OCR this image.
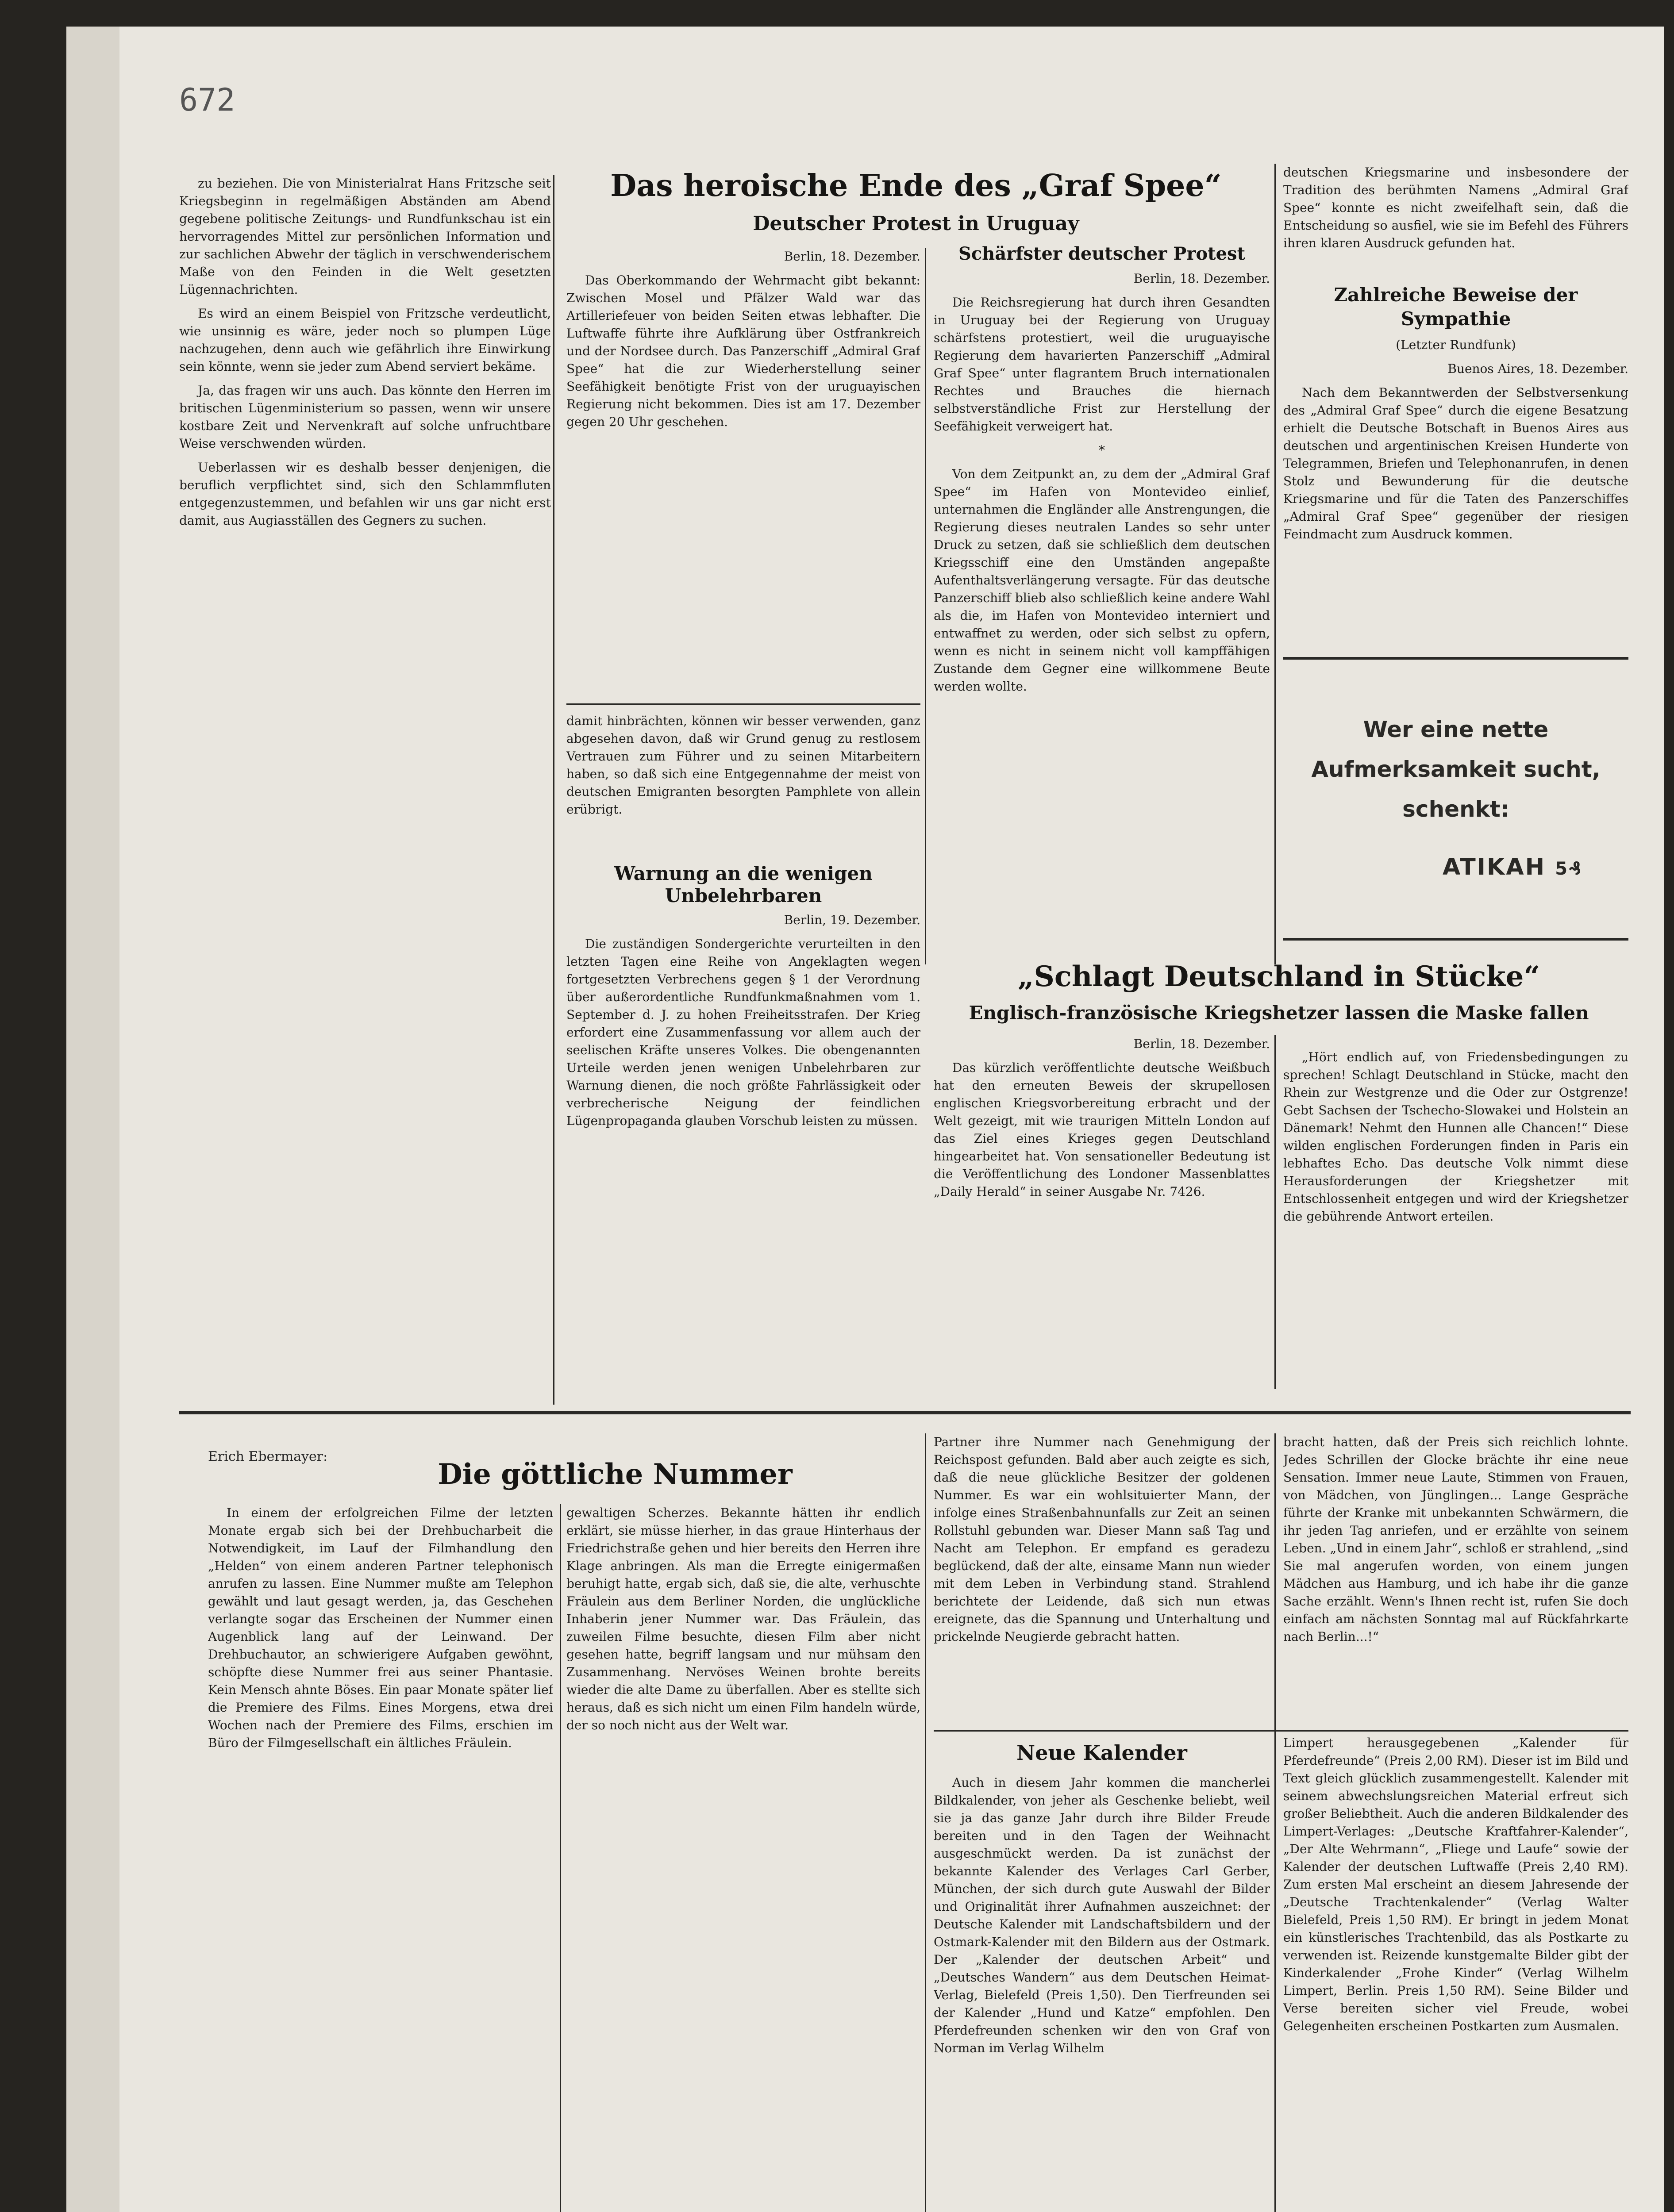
672

zu beziehen. Die von Ministerialrat Hans Fritzsche seit Kriegsbeginn in regelmäßigen Abständen am Abend gegebene politische Zeitungs- und Rundfunkschau ist ein hervorragendes Mittel zur persönlichen Information und zur sachlichen Abwehr der täglich in verschwenderischem Maße von den Feinden in die Welt gesetzten Lügennachrichten.

Es wird an einem Beispiel von Fritzsche verdeutlicht, wie unsinnig es wäre, jeder noch so plumpen Lüge nachzugehen, denn auch wie gefährlich ihre Einwirkung sein könnte, wenn sie jeder zum Abend serviert bekäme.

Ja, das fragen wir uns auch. Das könnte den Herren im britischen Lügenministerium so passen, wenn wir unsere kostbare Zeit und Nervenkraft auf solche unfruchtbare Weise verschwenden würden.

Ueberlassen wir es deshalb besser denjenigen, die beruflich verpflichtet sind, sich den Schlammfluten entgegenzustemmen, und befahlen wir uns gar nicht erst damit, aus Augiasställen des Gegners zu suchen.

Das heroische Ende des „Graf Spee“
Deutscher Protest in Uruguay

Berlin, 18. Dezember.

Das Oberkommando der Wehrmacht gibt bekannt: Zwischen Mosel und Pfälzer Wald war das Artilleriefeuer von beiden Seiten etwas lebhafter. Die Luftwaffe führte ihre Aufklärung über Ostfrankreich und der Nordsee durch. Das Panzerschiff „Admiral Graf Spee“ hat die zur Wiederherstellung seiner Seefähigkeit benötigte Frist von der uruguayischen Regierung nicht bekommen. Dies ist am 17. Dezember gegen 20 Uhr geschehen.

damit hinbrächten, können wir besser verwenden, ganz abgesehen davon, daß wir Grund genug zu restlosem Vertrauen zum Führer und zu seinen Mitarbeitern haben, so daß sich eine Entgegennahme der meist von deutschen Emigranten besorgten Pamphlete von allein erübrigt.

Warnung an die wenigen Unbelehrbaren

Berlin, 19. Dezember.

Die zuständigen Sondergerichte verurteilten in den letzten Tagen eine Reihe von Angeklagten wegen fortgesetzten Verbrechens gegen § 1 der Verordnung über außerordentliche Rundfunkmaßnahmen vom 1. September d. J. zu hohen Freiheitsstrafen. Der Krieg erfordert eine Zusammenfassung vor allem auch der seelischen Kräfte unseres Volkes. Die obengenannten Urteile werden jenen wenigen Unbelehrbaren zur Warnung dienen, die noch größte Fahrlässigkeit oder verbrecherische Neigung der feindlichen Lügenpropaganda glauben Vorschub leisten zu müssen.

Schärfster deutscher Protest

Berlin, 18. Dezember.

Die Reichsregierung hat durch ihren Gesandten in Uruguay bei der Regierung von Uruguay schärfstens protestiert, weil die uruguayische Regierung dem havarierten Panzerschiff „Admiral Graf Spee“ unter flagrantem Bruch internationalen Rechtes und Brauches die hiernach selbstverständliche Frist zur Herstellung der Seefähigkeit verweigert hat.

*

Von dem Zeitpunkt an, zu dem der „Admiral Graf Spee“ im Hafen von Montevideo einlief, unternahmen die Engländer alle Anstrengungen, die Regierung dieses neutralen Landes so sehr unter Druck zu setzen, daß sie schließlich dem deutschen Kriegsschiff eine den Umständen angepaßte Aufenthaltsverlängerung versagte. Für das deutsche Panzerschiff blieb also schließlich keine andere Wahl als die, im Hafen von Montevideo interniert und entwaffnet zu werden, oder sich selbst zu opfern, wenn es nicht in seinem nicht voll kampffähigen Zustande dem Gegner eine willkommene Beute werden wollte.

deutschen Kriegsmarine und insbesondere der Tradition des berühmten Namens „Admiral Graf Spee“ konnte es nicht zweifelhaft sein, daß die Entscheidung so ausfiel, wie sie im Befehl des Führers ihren klaren Ausdruck gefunden hat.

Zahlreiche Beweise der Sympathie

(Letzter Rundfunk)

Buenos Aires, 18. Dezember.

Nach dem Bekanntwerden der Selbstversenkung des „Admiral Graf Spee“ durch die eigene Besatzung erhielt die Deutsche Botschaft in Buenos Aires aus deutschen und argentinischen Kreisen Hunderte von Telegrammen, Briefen und Telephonanrufen, in denen Stolz und Bewunderung für die deutsche Kriegsmarine und für die Taten des Panzerschiffes „Admiral Graf Spee“ gegenüber der riesigen Feindmacht zum Ausdruck kommen.

Wer eine nette
Aufmerksamkeit sucht,
schenkt:
ATIKAH 5₰
„Schlagt Deutschland in Stücke“
Englisch-französische Kriegshetzer lassen die Maske fallen

Berlin, 18. Dezember.

Das kürzlich veröffentlichte deutsche Weißbuch hat den erneuten Beweis der skrupellosen englischen Kriegsvorbereitung erbracht und der Welt gezeigt, mit wie traurigen Mitteln London auf das Ziel eines Krieges gegen Deutschland hingearbeitet hat. Von sensationeller Bedeutung ist die Veröffentlichung des Londoner Massenblattes „Daily Herald“ in seiner Ausgabe Nr. 7426.

„Hört endlich auf, von Friedensbedingungen zu sprechen! Schlagt Deutschland in Stücke, macht den Rhein zur Westgrenze und die Oder zur Ostgrenze! Gebt Sachsen der Tschecho-Slowakei und Holstein an Dänemark! Nehmt den Hunnen alle Chancen!“ Diese wilden englischen Forderungen finden in Paris ein lebhaftes Echo. Das deutsche Volk nimmt diese Herausforderungen der Kriegshetzer mit Entschlossenheit entgegen und wird der Kriegshetzer die gebührende Antwort erteilen.

Erich Ebermayer:
Die göttliche Nummer

In einem der erfolgreichen Filme der letzten Monate ergab sich bei der Drehbucharbeit die Notwendigkeit, im Lauf der Filmhandlung den „Helden“ von einem anderen Partner telephonisch anrufen zu lassen. Eine Nummer mußte am Telephon gewählt und laut gesagt werden, ja, das Geschehen verlangte sogar das Erscheinen der Nummer einen Augenblick lang auf der Leinwand. Der Drehbuchautor, an schwierigere Aufgaben gewöhnt, schöpfte diese Nummer frei aus seiner Phantasie. Kein Mensch ahnte Böses. Ein paar Monate später lief die Premiere des Films. Eines Morgens, etwa drei Wochen nach der Premiere des Films, erschien im Büro der Filmgesellschaft ein ältliches Fräulein.

gewaltigen Scherzes. Bekannte hätten ihr endlich erklärt, sie müsse hierher, in das graue Hinterhaus der Friedrichstraße gehen und hier bereits den Herren ihre Klage anbringen. Als man die Erregte einigermaßen beruhigt hatte, ergab sich, daß sie, die alte, verhuschte Fräulein aus dem Berliner Norden, die unglückliche Inhaberin jener Nummer war. Das Fräulein, das zuweilen Filme besuchte, diesen Film aber nicht gesehen hatte, begriff langsam und nur mühsam den Zusammenhang. Nervöses Weinen brohte bereits wieder die alte Dame zu überfallen. Aber es stellte sich heraus, daß es sich nicht um einen Film handeln würde, der so noch nicht aus der Welt war.

Partner ihre Nummer nach Genehmigung der Reichspost gefunden. Bald aber auch zeigte es sich, daß die neue glückliche Besitzer der goldenen Nummer. Es war ein wohlsituierter Mann, der infolge eines Straßenbahnunfalls zur Zeit an seinen Rollstuhl gebunden war. Dieser Mann saß Tag und Nacht am Telephon. Er empfand es geradezu beglückend, daß der alte, einsame Mann nun wieder mit dem Leben in Verbindung stand. Strahlend berichtete der Leidende, daß sich nun etwas ereignete, das die Spannung und Unterhaltung und prickelnde Neugierde gebracht hatten.

bracht hatten, daß der Preis sich reichlich lohnte. Jedes Schrillen der Glocke brächte ihr eine neue Sensation. Immer neue Laute, Stimmen von Frauen, von Mädchen, von Jünglingen... Lange Gespräche führte der Kranke mit unbekannten Schwärmern, die ihr jeden Tag anriefen, und er erzählte von seinem Leben. „Und in einem Jahr“, schloß er strahlend, „sind Sie mal angerufen worden, von einem jungen Mädchen aus Hamburg, und ich habe ihr die ganze Sache erzählt. Wenn's Ihnen recht ist, rufen Sie doch einfach am nächsten Sonntag mal auf Rückfahrkarte nach Berlin...!“

Neue Kalender

Auch in diesem Jahr kommen die mancherlei Bildkalender, von jeher als Geschenke beliebt, weil sie ja das ganze Jahr durch ihre Bilder Freude bereiten und in den Tagen der Weihnacht ausgeschmückt werden. Da ist zunächst der bekannte Kalender des Verlages Carl Gerber, München, der sich durch gute Auswahl der Bilder und Originalität ihrer Aufnahmen auszeichnet: der Deutsche Kalender mit Landschaftsbildern und der Ostmark-Kalender mit den Bildern aus der Ostmark. Der „Kalender der deutschen Arbeit“ und „Deutsches Wandern“ aus dem Deutschen Heimat-Verlag, Bielefeld (Preis 1,50). Den Tierfreunden sei der Kalender „Hund und Katze“ empfohlen. Den Pferdefreunden schenken wir den von Graf von Norman im Verlag Wilhelm

Limpert herausgegebenen „Kalender für Pferdefreunde“ (Preis 2,00 RM). Dieser ist im Bild und Text gleich glücklich zusammengestellt. Kalender mit seinem abwechslungsreichen Material erfreut sich großer Beliebtheit. Auch die anderen Bildkalender des Limpert-Verlages: „Deutsche Kraftfahrer-Kalender“, „Der Alte Wehrmann“, „Fliege und Laufe“ sowie der Kalender der deutschen Luftwaffe (Preis 2,40 RM). Zum ersten Mal erscheint an diesem Jahresende der „Deutsche Trachtenkalender“ (Verlag Walter Bielefeld, Preis 1,50 RM). Er bringt in jedem Monat ein künstlerisches Trachtenbild, das als Postkarte zu verwenden ist. Reizende kunstgemalte Bilder gibt der Kinderkalender „Frohe Kinder“ (Verlag Wilhelm Limpert, Berlin. Preis 1,50 RM). Seine Bilder und Verse bereiten sicher viel Freude, wobei Gelegenheiten erscheinen Postkarten zum Ausmalen.
